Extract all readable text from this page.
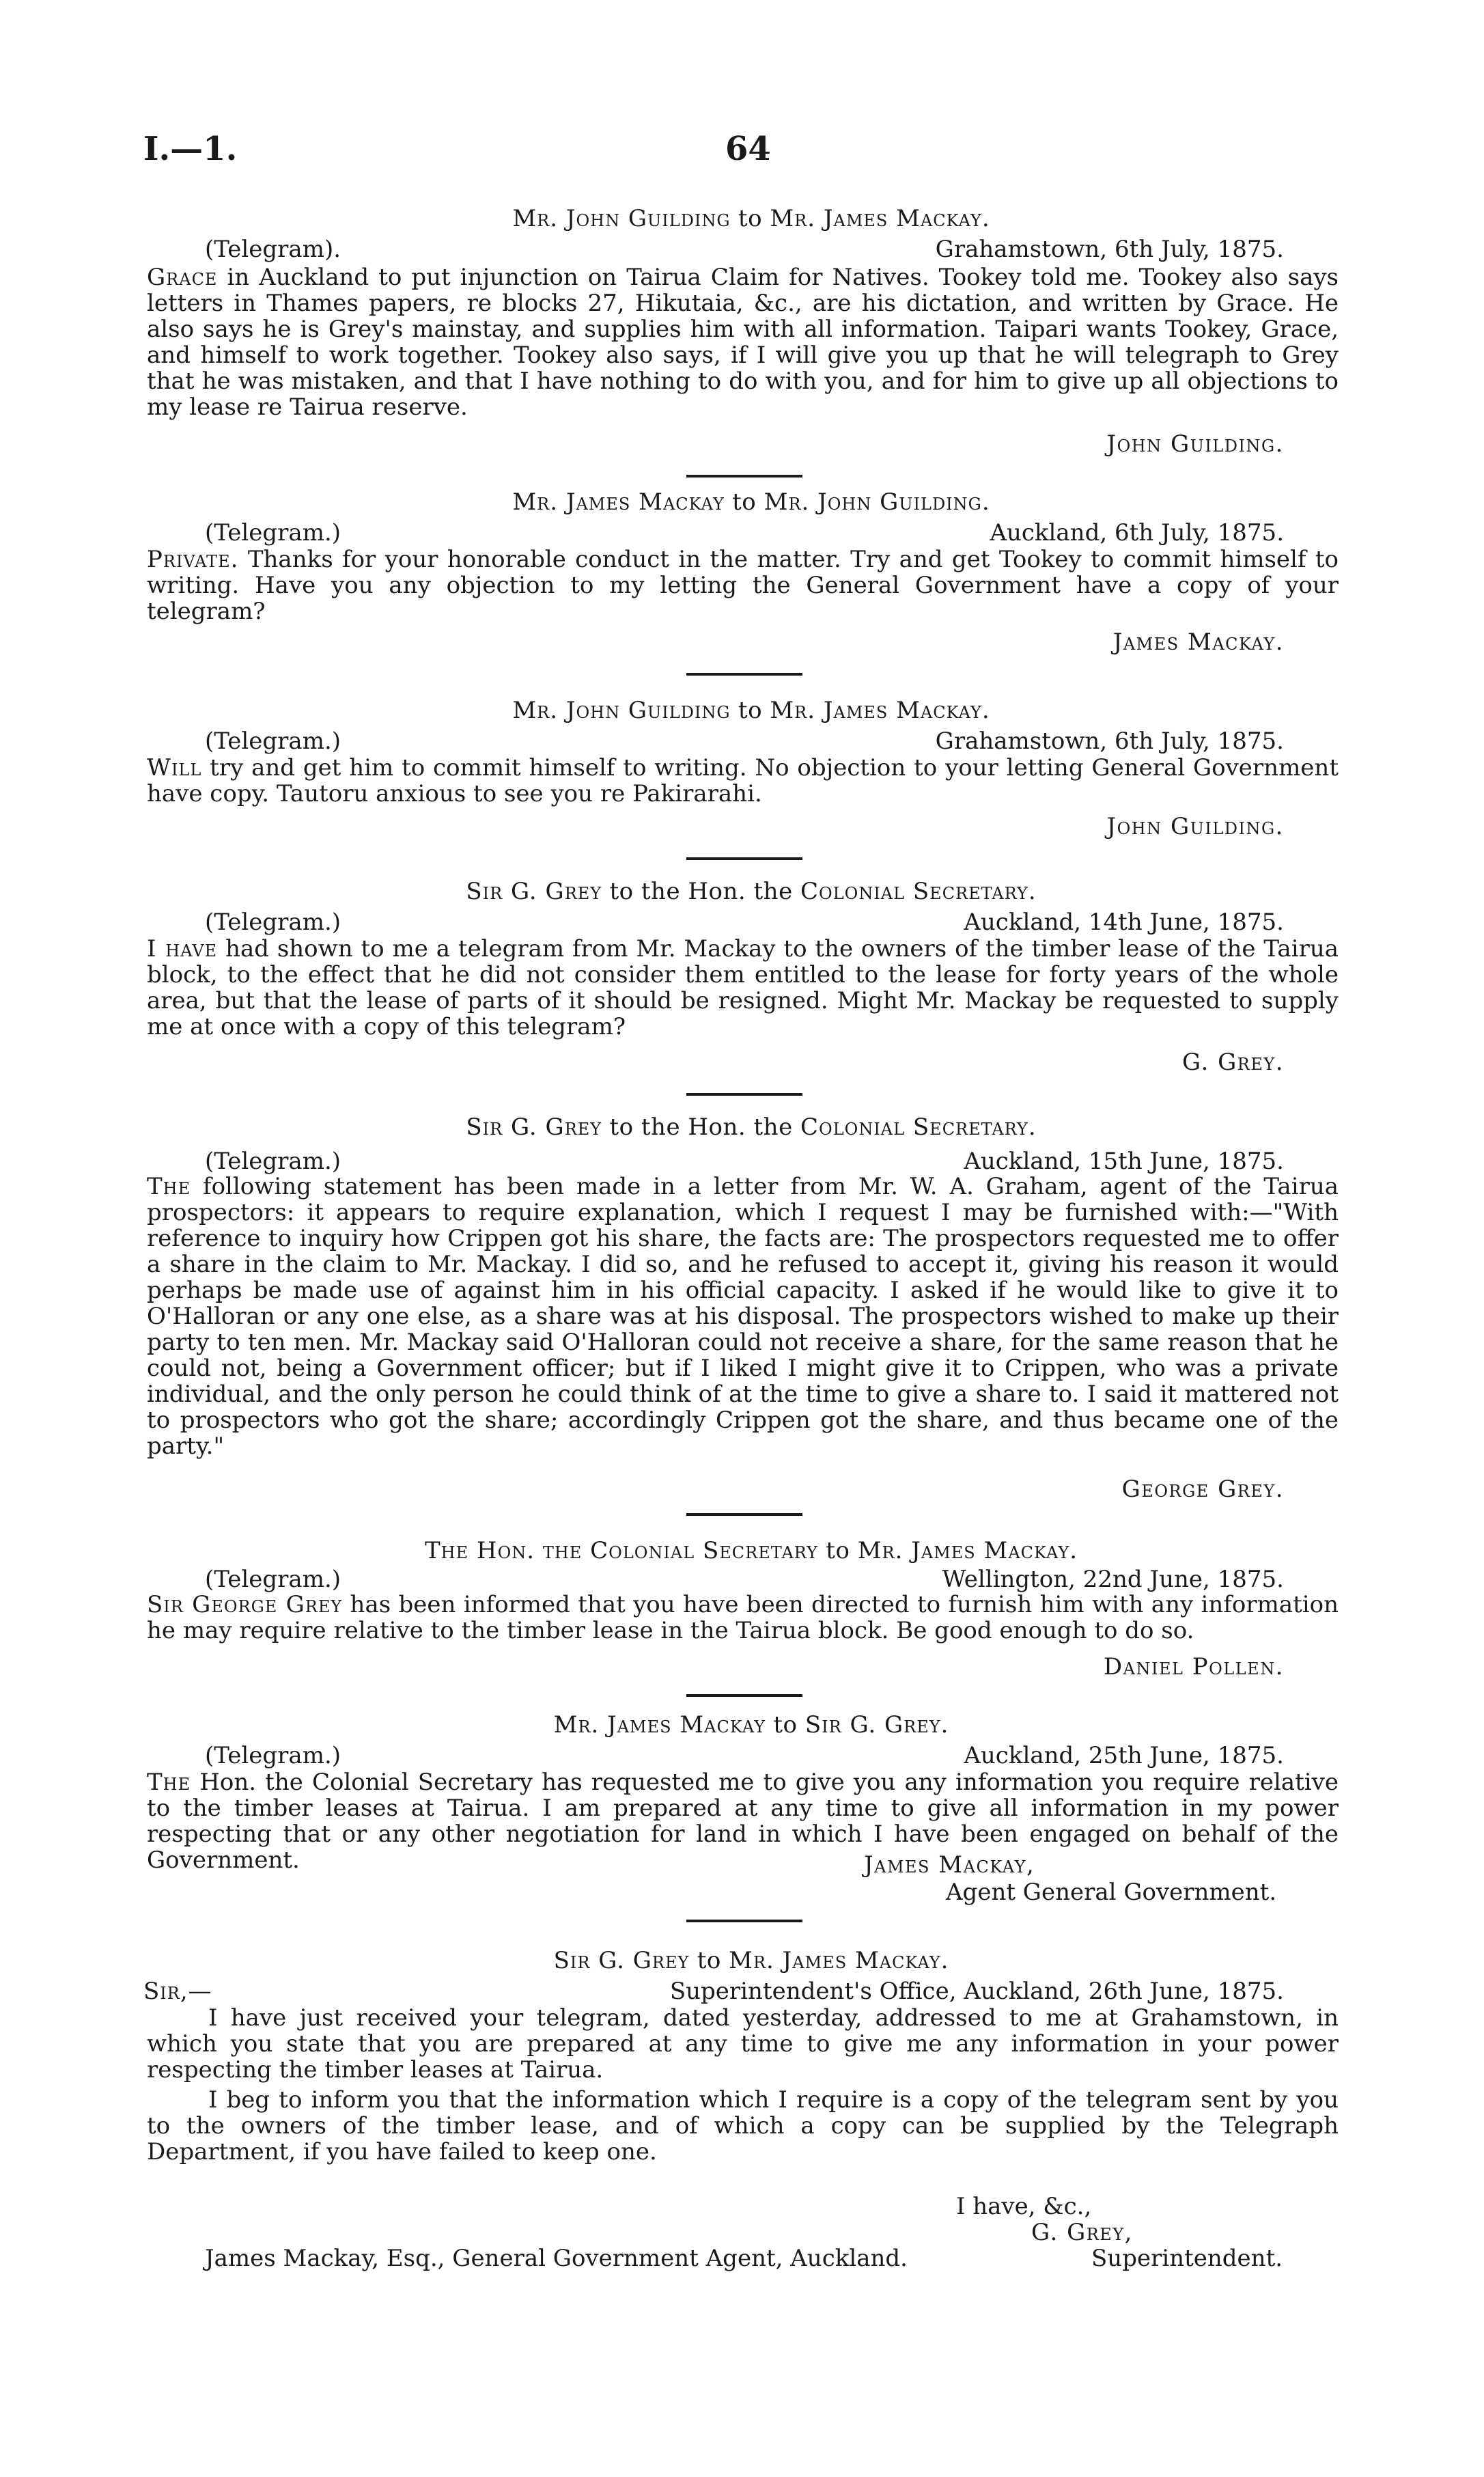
I.—1.	64
Mr. John Guilding to Mr. James Mackay.
(Telegram).	Grahamstown, 6th July, 1875.

Grace in Auckland to put injunction on Tairua Claim for Natives. Tookey told me. Tookey also says letters in Thames papers, re blocks 27, Hikutaia, &c., are his dictation, and written by Grace. He also says he is Grey's mainstay, and supplies him with all information. Taipari wants Tookey, Grace, and himself to work together. Tookey also says, if I will give you up that he will telegraph to Grey that he was mistaken, and that I have nothing to do with you, and for him to give up all objections to my lease re Tairua reserve.

John Guilding.
Mr. James Mackay to Mr. John Guilding.
(Telegram.)	Auckland, 6th July, 1875.

Private. Thanks for your honorable conduct in the matter. Try and get Tookey to commit himself to writing. Have you any objection to my letting the General Government have a copy of your telegram?

James Mackay.
Mr. John Guilding to Mr. James Mackay.
(Telegram.)	Grahamstown, 6th July, 1875.

Will try and get him to commit himself to writing. No objection to your letting General Government have copy. Tautoru anxious to see you re Pakirarahi.

John Guilding.
Sir G. Grey to the Hon. the Colonial Secretary.
(Telegram.)	Auckland, 14th June, 1875.

I have had shown to me a telegram from Mr. Mackay to the owners of the timber lease of the Tairua block, to the effect that he did not consider them entitled to the lease for forty years of the whole area, but that the lease of parts of it should be resigned. Might Mr. Mackay be requested to supply me at once with a copy of this telegram?

G. Grey.
Sir G. Grey to the Hon. the Colonial Secretary.
(Telegram.)	Auckland, 15th June, 1875.

The following statement has been made in a letter from Mr. W. A. Graham, agent of the Tairua prospectors: it appears to require explanation, which I request I may be furnished with:—"With reference to inquiry how Crippen got his share, the facts are: The prospectors requested me to offer a share in the claim to Mr. Mackay. I did so, and he refused to accept it, giving his reason it would perhaps be made use of against him in his official capacity. I asked if he would like to give it to O'Halloran or any one else, as a share was at his disposal. The prospectors wished to make up their party to ten men. Mr. Mackay said O'Halloran could not receive a share, for the same reason that he could not, being a Government officer; but if I liked I might give it to Crippen, who was a private individual, and the only person he could think of at the time to give a share to. I said it mattered not to prospectors who got the share; accordingly Crippen got the share, and thus became one of the party."

George Grey.
The Hon. the Colonial Secretary to Mr. James Mackay.
(Telegram.)	Wellington, 22nd June, 1875.

Sir George Grey has been informed that you have been directed to furnish him with any information he may require relative to the timber lease in the Tairua block. Be good enough to do so.

Daniel Pollen.
Mr. James Mackay to Sir G. Grey.
(Telegram.)	Auckland, 25th June, 1875.

The Hon. the Colonial Secretary has requested me to give you any information you require relative to the timber leases at Tairua. I am prepared at any time to give all information in my power respecting that or any other negotiation for land in which I have been engaged on behalf of the Government.	James Mackay,
Agent General Government.
Sir G. Grey to Mr. James Mackay.
Sir,—	Superintendent's Office, Auckland, 26th June, 1875.

I have just received your telegram, dated yesterday, addressed to me at Grahamstown, in which you state that you are prepared at any time to give me any information in your power respecting the timber leases at Tairua.

I beg to inform you that the information which I require is a copy of the telegram sent by you to the owners of the timber lease, and of which a copy can be supplied by the Telegraph Department, if you have failed to keep one.

I have, &c.,
G. Grey,
Superintendent.
James Mackay, Esq., General Government Agent, Auckland.
